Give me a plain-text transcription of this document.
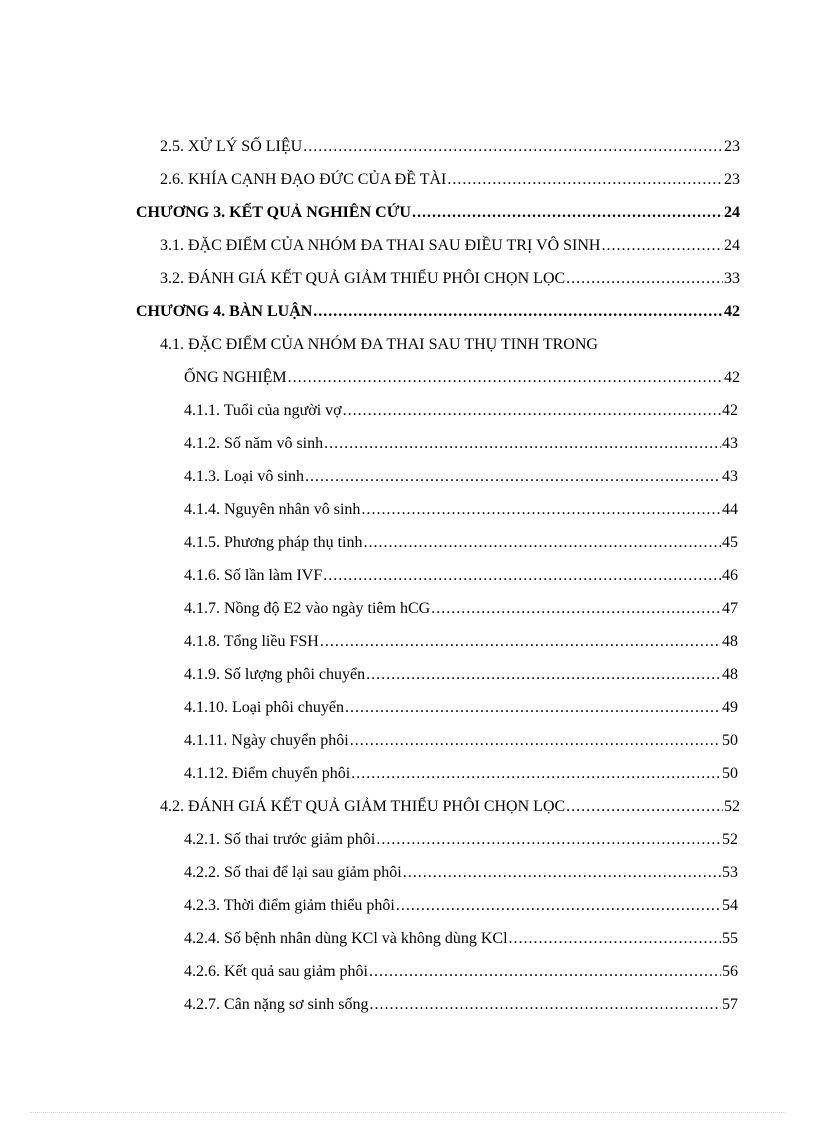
2.5. XỬ LÝ SỐ LIỆU .....	23
2.6. KHÍA CẠNH ĐẠO ĐỨC CỦA ĐỀ TÀI .....	23
CHƯƠNG 3. KẾT QUẢ NGHIÊN CỨU .....	24
3.1. ĐẶC ĐIỂM CỦA NHÓM ĐA THAI SAU ĐIỀU TRỊ VÔ SINH .....	24
3.2. ĐÁNH GIÁ KẾT QUẢ GIẢM THIỂU PHÔI CHỌN LỌC .....	33
CHƯƠNG 4. BÀN LUẬN .....	42
4.1. ĐẶC ĐIỂM CỦA NHÓM ĐA THAI SAU THỤ TINH TRONG
ỐNG NGHIỆM .....	42
4.1.1. Tuổi của người vợ .....	42
4.1.2. Số năm vô sinh .....	43
4.1.3. Loại vô sinh .....	43
4.1.4. Nguyên nhân vô sinh .....	44
4.1.5. Phương pháp thụ tinh .....	45
4.1.6. Số lần làm IVF .....	46
4.1.7. Nồng độ E2 vào ngày tiêm hCG .....	47
4.1.8. Tổng liều FSH .....	48
4.1.9. Số lượng phôi chuyển .....	48
4.1.10. Loại phôi chuyển .....	49
4.1.11. Ngày chuyển phôi .....	50
4.1.12. Điểm chuyển phôi .....	50
4.2. ĐÁNH GIÁ KẾT QUẢ GIẢM THIỂU PHÔI CHỌN LỌC .....	52
4.2.1. Số thai trước giảm phôi .....	52
4.2.2. Số thai để lại sau giảm phôi .....	53
4.2.3. Thời điểm giảm thiểu phôi .....	54
4.2.4. Số bệnh nhân dùng KCl và không dùng KCl .....	55
4.2.6. Kết quả sau giảm phôi .....	56
4.2.7. Cân nặng sơ sinh sống .....	57
